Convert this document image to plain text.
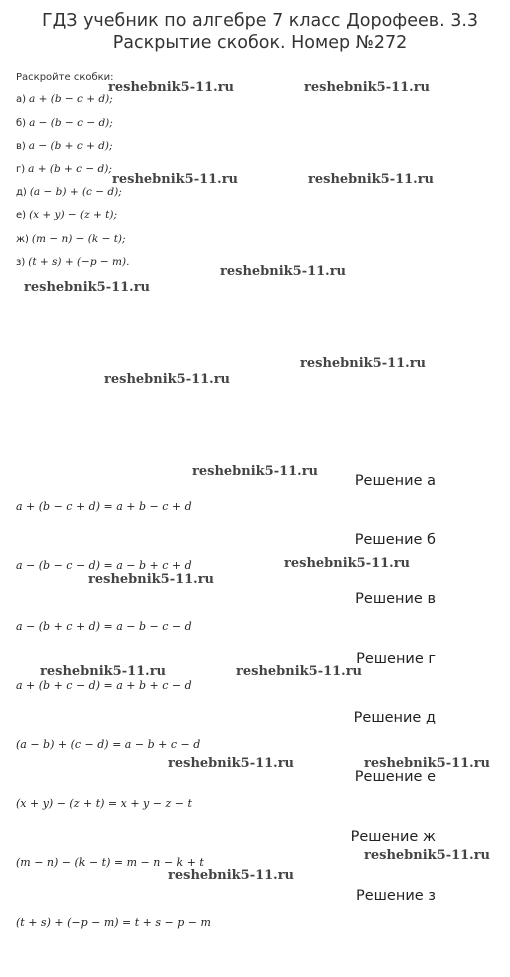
ГДЗ учебник по алгебре 7 класс Дорофеев. 3.3 Раскрытие скобок. Номер №272
Раскройте скобки:
а) a + (b − c + d);
б) a − (b − c − d);
в) a − (b + c + d);
г) a + (b + c − d);
д) (a − b) + (c − d);
е) (x + y) − (z + t);
ж) (m − n) − (k − t);
з) (t + s) + (−p − m).
Решение а
a + (b − c + d) = a + b − c + d
Решение б
a − (b − c − d) = a − b + c + d
Решение в
a − (b + c + d) = a − b − c − d
Решение г
a + (b + c − d) = a + b + c − d
Решение д
(a − b) + (c − d) = a − b + c − d
Решение е
(x + y) − (z + t) = x + y − z − t
Решение ж
(m − n) − (k − t) = m − n − k + t
Решение з
(t + s) + (−p − m) = t + s − p − m
reshebnik5-11.ru	reshebnik5-11.ru
reshebnik5-11.ru	reshebnik5-11.ru
reshebnik5-11.ru
reshebnik5-11.ru
reshebnik5-11.ru
reshebnik5-11.ru
reshebnik5-11.ru
reshebnik5-11.ru
reshebnik5-11.ru
reshebnik5-11.ru	reshebnik5-11.ru
reshebnik5-11.ru	reshebnik5-11.ru
reshebnik5-11.ru
reshebnik5-11.ru
